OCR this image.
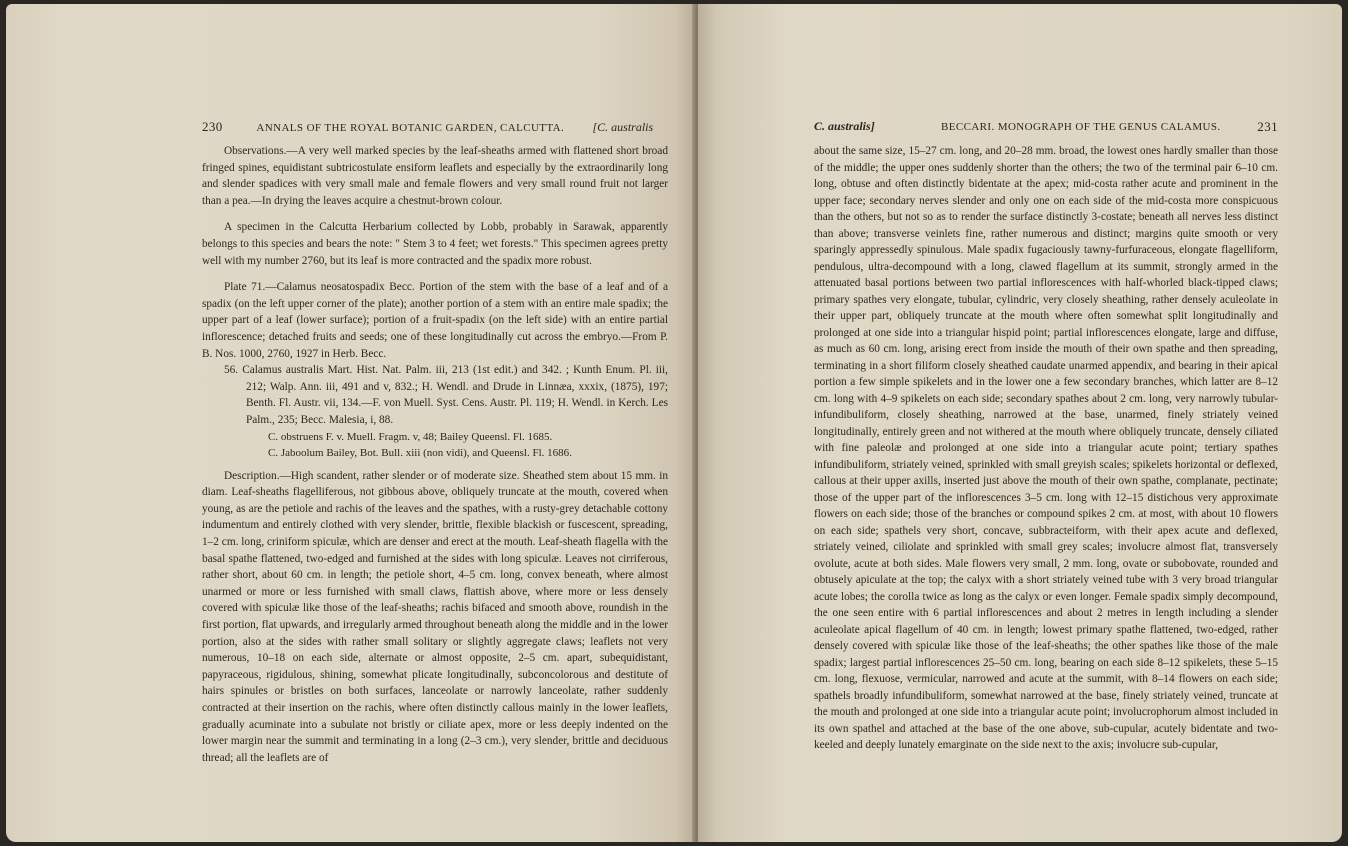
230	ANNALS OF THE ROYAL BOTANIC GARDEN, CALCUTTA. [C. australis

Observations.—A very well marked species by the leaf-sheaths armed with flattened short broad fringed spines, equidistant subtricostulate ensiform leaflets and especially by the extraordinarily long and slender spadices with very small male and female flowers and very small round fruit not larger than a pea.—In drying the leaves acquire a chestnut-brown colour.

A specimen in the Calcutta Herbarium collected by Lobb, probably in Sarawak, apparently belongs to this species and bears the note: " Stem 3 to 4 feet; wet forests." This specimen agrees pretty well with my number 2760, but its leaf is more contracted and the spadix more robust.

Plate 71.—Calamus neosatospadix Becc. Portion of the stem with the base of a leaf and of a spadix (on the left upper corner of the plate); another portion of a stem with an entire male spadix; the upper part of a leaf (lower surface); portion of a fruit-spadix (on the left side) with an entire partial inflorescence; detached fruits and seeds; one of these longitudinally cut across the embryo.—From P. B. Nos. 1000, 2760, 1927 in Herb. Becc.

56. Calamus australis Mart. Hist. Nat. Palm. iii, 213 (1st edit.) and 342. ; Kunth Enum. Pl. iii, 212; Walp. Ann. iii, 491 and v, 832.; H. Wendl. and Drude in Linnæa, xxxix, (1875), 197; Benth. Fl. Austr. vii, 134.—F. von Muell. Syst. Cens. Austr. Pl. 119; H. Wendl. in Kerch. Les Palm., 235; Becc. Malesia, i, 88.

C. obstruens F. v. Muell. Fragm. v, 48; Bailey Queensl. Fl. 1685.

C. Jaboolum Bailey, Bot. Bull. xiii (non vidi), and Queensl. Fl. 1686.

Description.—High scandent, rather slender or of moderate size. Sheathed stem about 15 mm. in diam. Leaf-sheaths flagelliferous, not gibbous above, obliquely truncate at the mouth, covered when young, as are the petiole and rachis of the leaves and the spathes, with a rusty-grey detachable cottony indumentum and entirely clothed with very slender, brittle, flexible blackish or fuscescent, spreading, 1–2 cm. long, criniform spiculæ, which are denser and erect at the mouth. Leaf-sheath flagella with the basal spathe flattened, two-edged and furnished at the sides with long spiculæ. Leaves not cirriferous, rather short, about 60 cm. in length; the petiole short, 4–5 cm. long, convex beneath, where almost unarmed or more or less furnished with small claws, flattish above, where more or less densely covered with spiculæ like those of the leaf-sheaths; rachis bifaced and smooth above, roundish in the first portion, flat upwards, and irregularly armed throughout beneath along the middle and in the lower portion, also at the sides with rather small solitary or slightly aggregate claws; leaflets not very numerous, 10–18 on each side, alternate or almost opposite, 2–5 cm. apart, subequidistant, papyraceous, rigidulous, shining, somewhat plicate longitudinally, subconcolorous and destitute of hairs spinules or bristles on both surfaces, lanceolate or narrowly lanceolate, rather suddenly contracted at their insertion on the rachis, where often distinctly callous mainly in the lower leaflets, gradually acuminate into a subulate not bristly or ciliate apex, more or less deeply indented on the lower margin near the summit and terminating in a long (2–3 cm.), very slender, brittle and deciduous thread; all the leaflets are of

C. australis]	BECCARI. MONOGRAPH OF THE GENUS CALAMUS.	231

about the same size, 15–27 cm. long, and 20–28 mm. broad, the lowest ones hardly smaller than those of the middle; the upper ones suddenly shorter than the others; the two of the terminal pair 6–10 cm. long, obtuse and often distinctly bidentate at the apex; mid-costa rather acute and prominent in the upper face; secondary nerves slender and only one on each side of the mid-costa more conspicuous than the others, but not so as to render the surface distinctly 3-costate; beneath all nerves less distinct than above; transverse veinlets fine, rather numerous and distinct; margins quite smooth or very sparingly appressedly spinulous. Male spadix fugaciously tawny-furfuraceous, elongate flagelliform, pendulous, ultra-decompound with a long, clawed flagellum at its summit, strongly armed in the attenuated basal portions between two partial inflorescences with half-whorled black-tipped claws; primary spathes very elongate, tubular, cylindric, very closely sheathing, rather densely aculeolate in their upper part, obliquely truncate at the mouth where often somewhat split longitudinally and prolonged at one side into a triangular hispid point; partial inflorescences elongate, large and diffuse, as much as 60 cm. long, arising erect from inside the mouth of their own spathe and then spreading, terminating in a short filiform closely sheathed caudate unarmed appendix, and bearing in their apical portion a few simple spikelets and in the lower one a few secondary branches, which latter are 8–12 cm. long with 4–9 spikelets on each side; secondary spathes about 2 cm. long, very narrowly tubular-infundibuliform, closely sheathing, narrowed at the base, unarmed, finely striately veined longitudinally, entirely green and not withered at the mouth where obliquely truncate, densely ciliated with fine paleolæ and prolonged at one side into a triangular acute point; tertiary spathes infundibuliform, striately veined, sprinkled with small greyish scales; spikelets horizontal or deflexed, callous at their upper axills, inserted just above the mouth of their own spathe, complanate, pectinate; those of the upper part of the inflorescences 3–5 cm. long with 12–15 distichous very approximate flowers on each side; those of the branches or compound spikes 2 cm. at most, with about 10 flowers on each side; spathels very short, concave, subbracteiform, with their apex acute and deflexed, striately veined, ciliolate and sprinkled with small grey scales; involucre almost flat, transversely ovolute, acute at both sides. Male flowers very small, 2 mm. long, ovate or subobovate, rounded and obtusely apiculate at the top; the calyx with a short striately veined tube with 3 very broad triangular acute lobes; the corolla twice as long as the calyx or even longer. Female spadix simply decompound, the one seen entire with 6 partial inflorescences and about 2 metres in length including a slender aculeolate apical flagellum of 40 cm. in length; lowest primary spathe flattened, two-edged, rather densely covered with spiculæ like those of the leaf-sheaths; the other spathes like those of the male spadix; largest partial inflorescences 25–50 cm. long, bearing on each side 8–12 spikelets, these 5–15 cm. long, flexuose, vermicular, narrowed and acute at the summit, with 8–14 flowers on each side; spathels broadly infundibuliform, somewhat narrowed at the base, finely striately veined, truncate at the mouth and prolonged at one side into a triangular acute point; involucrophorum almost included in its own spathel and attached at the base of the one above, sub-cupular, acutely bidentate and two-keeled and deeply lunately emarginate on the side next to the axis; involucre sub-cupular,
